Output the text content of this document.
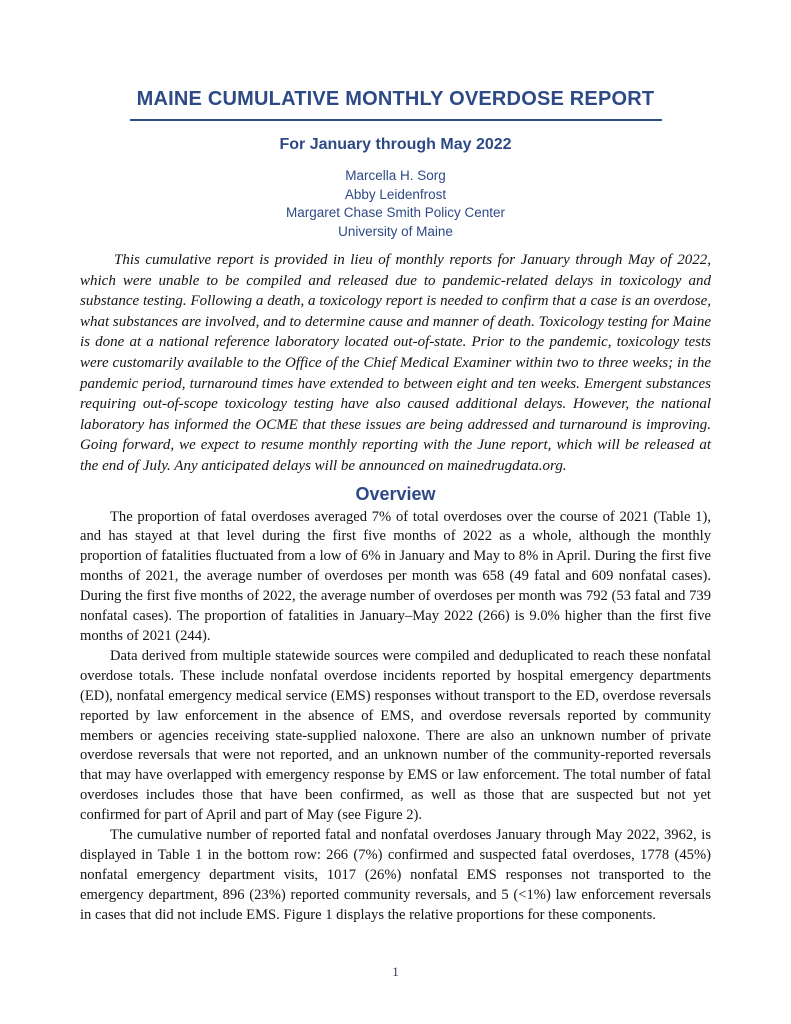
MAINE CUMULATIVE MONTHLY OVERDOSE REPORT
For January through May 2022
Marcella H. Sorg
Abby Leidenfrost
Margaret Chase Smith Policy Center
University of Maine

This cumulative report is provided in lieu of monthly reports for January through May of 2022, which were unable to be compiled and released due to pandemic-related delays in toxicology and substance testing. Following a death, a toxicology report is needed to confirm that a case is an overdose, what substances are involved, and to determine cause and manner of death. Toxicology testing for Maine is done at a national reference laboratory located out-of-state. Prior to the pandemic, toxicology tests were customarily available to the Office of the Chief Medical Examiner within two to three weeks; in the pandemic period, turnaround times have extended to between eight and ten weeks. Emergent substances requiring out-of-scope toxicology testing have also caused additional delays. However, the national laboratory has informed the OCME that these issues are being addressed and turnaround is improving. Going forward, we expect to resume monthly reporting with the June report, which will be released at the end of July. Any anticipated delays will be announced on mainedrugdata.org.

Overview

The proportion of fatal overdoses averaged 7% of total overdoses over the course of 2021 (Table 1), and has stayed at that level during the first five months of 2022 as a whole, although the monthly proportion of fatalities fluctuated from a low of 6% in January and May to 8% in April. During the first five months of 2021, the average number of overdoses per month was 658 (49 fatal and 609 nonfatal cases). During the first five months of 2022, the average number of overdoses per month was 792 (53 fatal and 739 nonfatal cases). The proportion of fatalities in January–May 2022 (266) is 9.0% higher than the first five months of 2021 (244).

Data derived from multiple statewide sources were compiled and deduplicated to reach these nonfatal overdose totals. These include nonfatal overdose incidents reported by hospital emergency departments (ED), nonfatal emergency medical service (EMS) responses without transport to the ED, overdose reversals reported by law enforcement in the absence of EMS, and overdose reversals reported by community members or agencies receiving state-supplied naloxone. There are also an unknown number of private overdose reversals that were not reported, and an unknown number of the community-reported reversals that may have overlapped with emergency response by EMS or law enforcement. The total number of fatal overdoses includes those that have been confirmed, as well as those that are suspected but not yet confirmed for part of April and part of May (see Figure 2).

The cumulative number of reported fatal and nonfatal overdoses January through May 2022, 3962, is displayed in Table 1 in the bottom row: 266 (7%) confirmed and suspected fatal overdoses, 1778 (45%) nonfatal emergency department visits, 1017 (26%) nonfatal EMS responses not transported to the emergency department, 896 (23%) reported community reversals, and 5 (<1%) law enforcement reversals in cases that did not include EMS. Figure 1 displays the relative proportions for these components.

1
